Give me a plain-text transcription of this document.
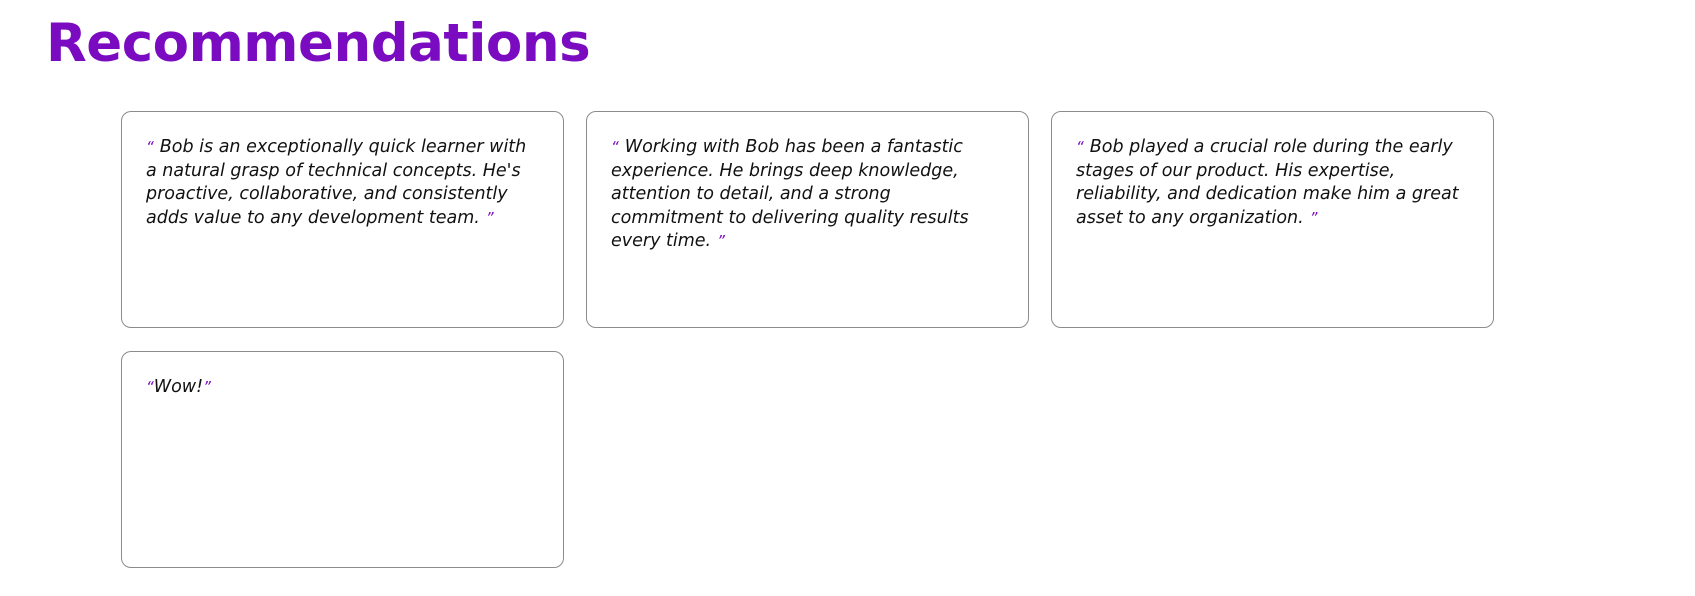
Recommendations

“ Bob is an exceptionally quick learner with a natural grasp of technical concepts. He's proactive, collaborative, and consistently adds value to any development team. ”

“ Working with Bob has been a fantastic experience. He brings deep knowledge, attention to detail, and a strong commitment to delivering quality results every time. ”

“ Bob played a crucial role during the early stages of our product. His expertise, reliability, and dedication make him a great asset to any organization. ”

“Wow!”
